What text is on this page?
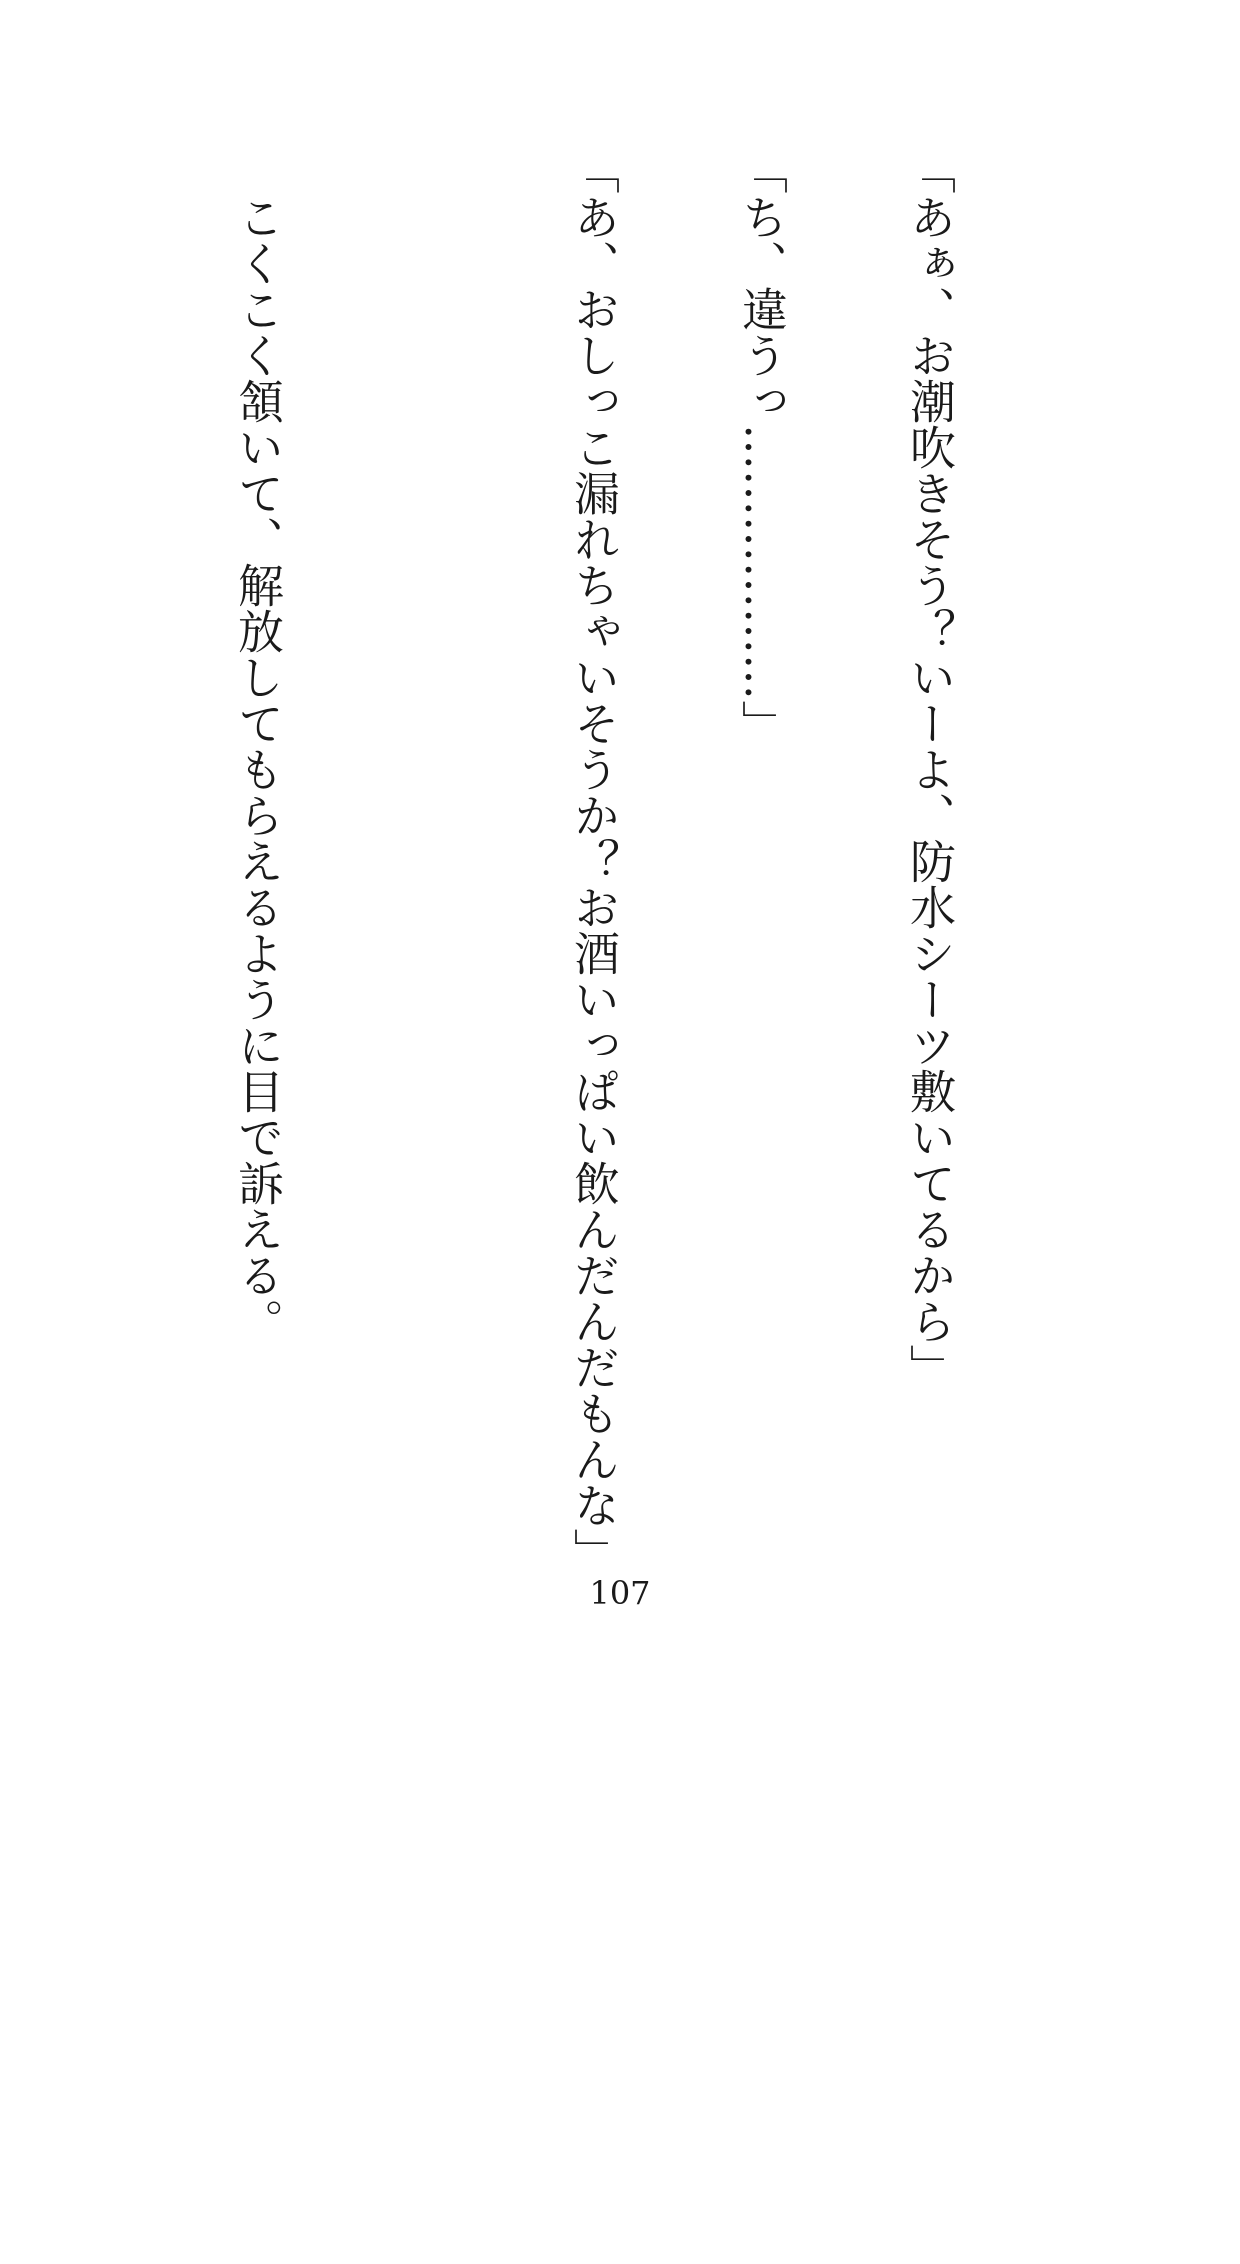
「あぁ、お潮吹きそう？いーよ、防水シーツ敷いてるから」

「ち、違うっ………………」

「あ、おしっこ漏れちゃいそうか？お酒いっぱい飲んだんだもんな」

　こくこく頷いて、解放してもらえるように目で訴える。

107
